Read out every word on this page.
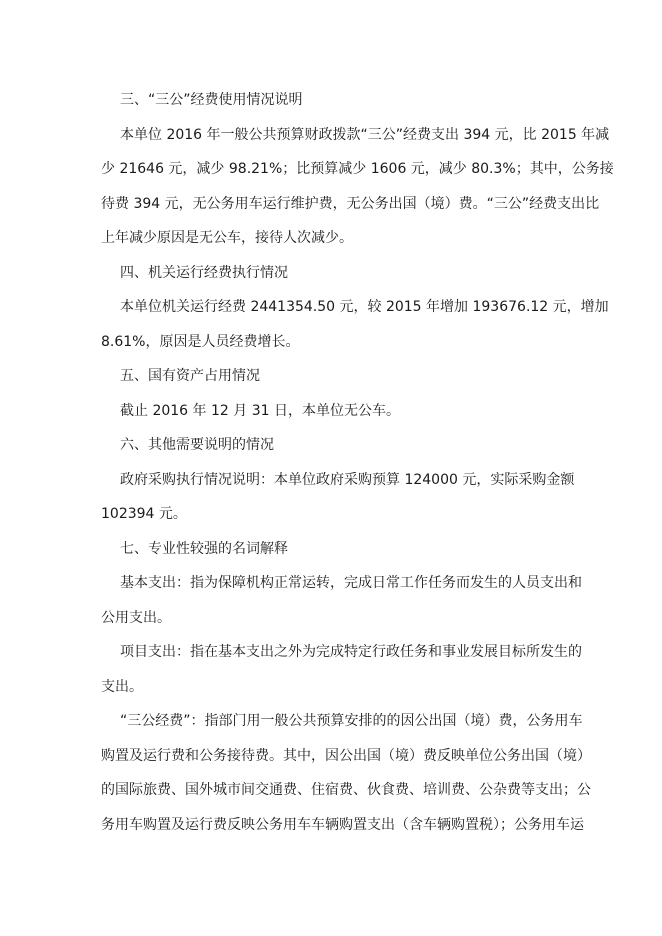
三、“三公”经费使用情况说明

本单位 2016 年一般公共预算财政拨款“三公”经费支出 394 元，比 2015 年减
少 21646 元，减少 98.21%；比预算减少 1606 元，减少 80.3%；其中，公务接
待费 394 元，无公务用车运行维护费，无公务出国（境）费。“三公”经费支出比
上年减少原因是无公车，接待人次减少。

四、机关运行经费执行情况

本单位机关运行经费 2441354.50 元，较 2015 年增加 193676.12 元，增加
8.61%，原因是人员经费增长。

五、国有资产占用情况

截止 2016 年 12 月 31 日，本单位无公车。

六、其他需要说明的情况

政府采购执行情况说明：本单位政府采购预算 124000 元，实际采购金额
102394 元。

七、专业性较强的名词解释

基本支出：指为保障机构正常运转，完成日常工作任务而发生的人员支出和
公用支出。

项目支出：指在基本支出之外为完成特定行政任务和事业发展目标所发生的
支出。

“三公经费”：指部门用一般公共预算安排的的因公出国（境）费，公务用车
购置及运行费和公务接待费。其中，因公出国（境）费反映单位公务出国（境）
的国际旅费、国外城市间交通费、住宿费、伙食费、培训费、公杂费等支出；公
务用车购置及运行费反映公务用车车辆购置支出（含车辆购置税）；公务用车运
